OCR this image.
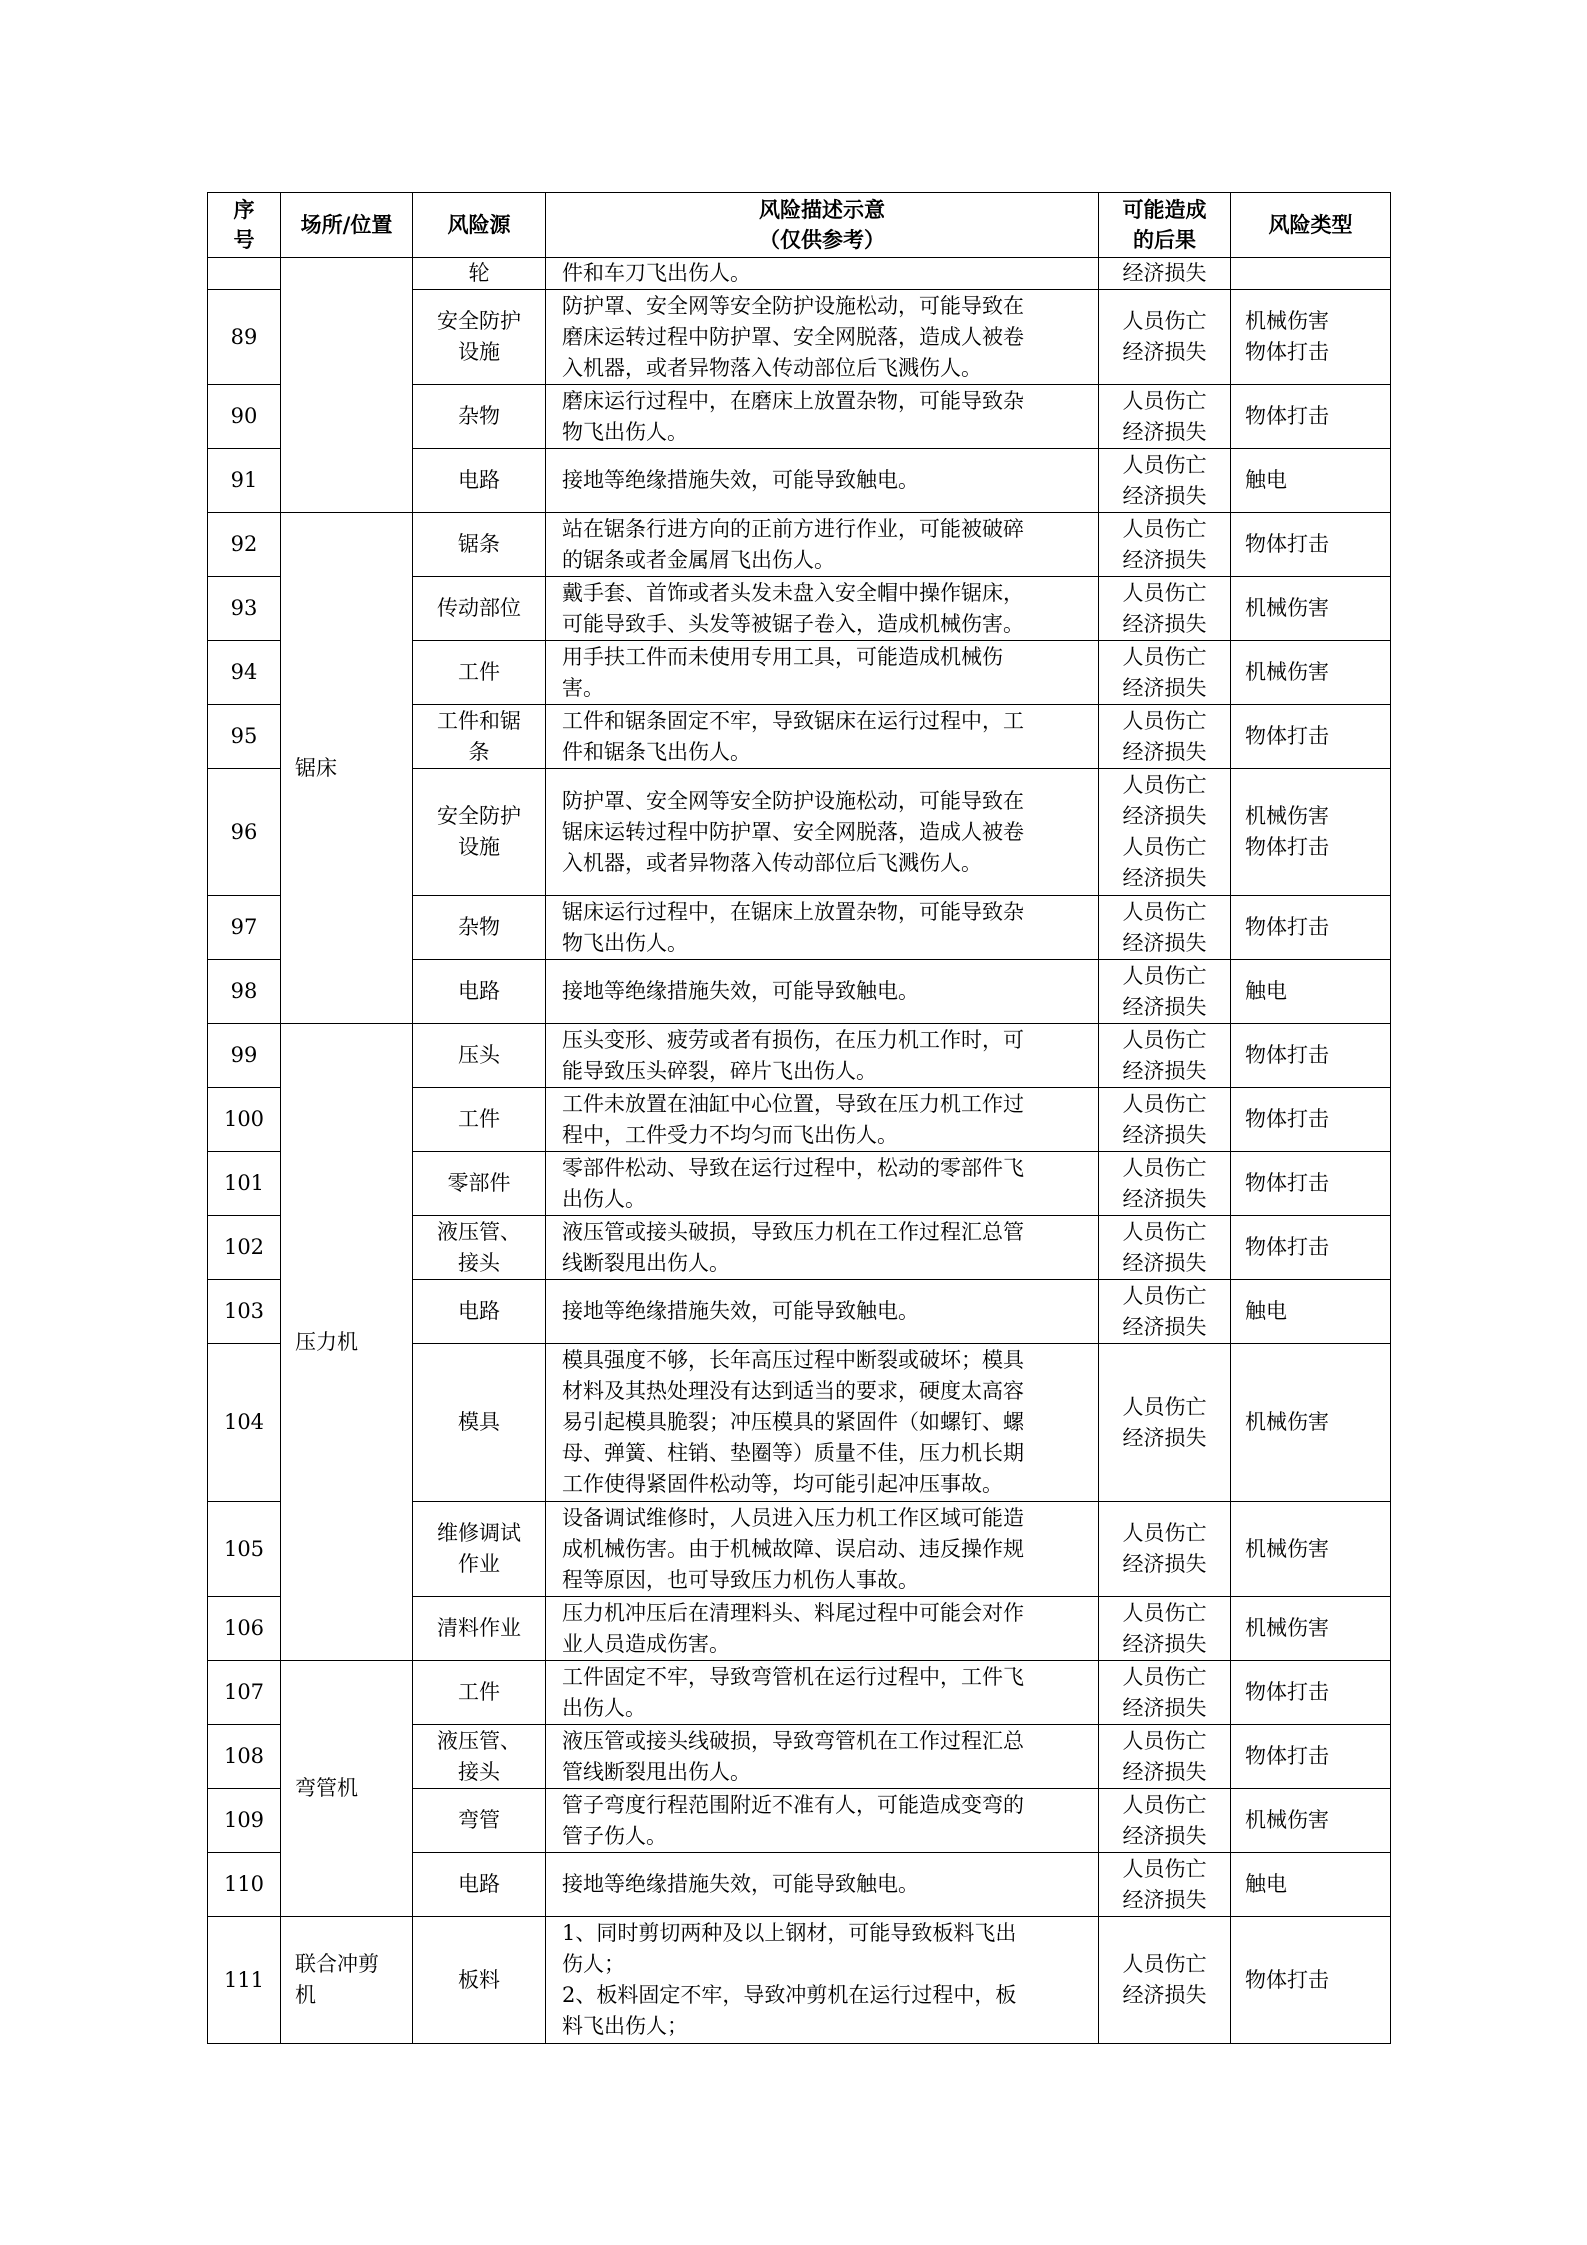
序
号	场所/位置	风险源	风险描述示意
（仅供参考）	可能造成
的后果	风险类型
		轮	件和车刀飞出伤人。	经济损失	
89		安全防护
设施	防护罩、安全网等安全防护设施松动，可能导致在
磨床运转过程中防护罩、安全网脱落，造成人被卷
入机器，或者异物落入传动部位后飞溅伤人。	人员伤亡
经济损失	机械伤害
物体打击
90		杂物	磨床运行过程中，在磨床上放置杂物，可能导致杂
物飞出伤人。	人员伤亡
经济损失	物体打击
91		电路	接地等绝缘措施失效，可能导致触电。	人员伤亡
经济损失	触电
92	锯床	锯条	站在锯条行进方向的正前方进行作业，可能被破碎
的锯条或者金属屑飞出伤人。	人员伤亡
经济损失	物体打击
93		传动部位	戴手套、首饰或者头发未盘入安全帽中操作锯床，
可能导致手、头发等被锯子卷入，造成机械伤害。	人员伤亡
经济损失	机械伤害
94		工件	用手扶工件而未使用专用工具，可能造成机械伤
害。	人员伤亡
经济损失	机械伤害
95		工件和锯
条	工件和锯条固定不牢，导致锯床在运行过程中，工
件和锯条飞出伤人。	人员伤亡
经济损失	物体打击
96		安全防护
设施	防护罩、安全网等安全防护设施松动，可能导致在
锯床运转过程中防护罩、安全网脱落，造成人被卷
入机器，或者异物落入传动部位后飞溅伤人。	人员伤亡
经济损失
人员伤亡
经济损失	机械伤害
物体打击
97		杂物	锯床运行过程中，在锯床上放置杂物，可能导致杂
物飞出伤人。	人员伤亡
经济损失	物体打击
98		电路	接地等绝缘措施失效，可能导致触电。	人员伤亡
经济损失	触电
99	压力机	压头	压头变形、疲劳或者有损伤，在压力机工作时，可
能导致压头碎裂，碎片飞出伤人。	人员伤亡
经济损失	物体打击
100		工件	工件未放置在油缸中心位置，导致在压力机工作过
程中，工件受力不均匀而飞出伤人。	人员伤亡
经济损失	物体打击
101		零部件	零部件松动、导致在运行过程中，松动的零部件飞
出伤人。	人员伤亡
经济损失	物体打击
102		液压管、
接头	液压管或接头破损，导致压力机在工作过程汇总管
线断裂甩出伤人。	人员伤亡
经济损失	物体打击
103		电路	接地等绝缘措施失效，可能导致触电。	人员伤亡
经济损失	触电
104		模具	模具强度不够，长年高压过程中断裂或破坏；模具
材料及其热处理没有达到适当的要求，硬度太高容
易引起模具脆裂；冲压模具的紧固件（如螺钉、螺
母、弹簧、柱销、垫圈等）质量不佳，压力机长期
工作使得紧固件松动等，均可能引起冲压事故。	人员伤亡
经济损失	机械伤害
105		维修调试
作业	设备调试维修时，人员进入压力机工作区域可能造
成机械伤害。由于机械故障、误启动、违反操作规
程等原因，也可导致压力机伤人事故。	人员伤亡
经济损失	机械伤害
106		清料作业	压力机冲压后在清理料头、料尾过程中可能会对作
业人员造成伤害。	人员伤亡
经济损失	机械伤害
107	弯管机	工件	工件固定不牢，导致弯管机在运行过程中，工件飞
出伤人。	人员伤亡
经济损失	物体打击
108		液压管、
接头	液压管或接头线破损，导致弯管机在工作过程汇总
管线断裂甩出伤人。	人员伤亡
经济损失	物体打击
109		弯管	管子弯度行程范围附近不准有人，可能造成变弯的
管子伤人。	人员伤亡
经济损失	机械伤害
110		电路	接地等绝缘措施失效，可能导致触电。	人员伤亡
经济损失	触电
111	联合冲剪
机	板料	1、同时剪切两种及以上钢材，可能导致板料飞出
伤人；
2、板料固定不牢，导致冲剪机在运行过程中，板
料飞出伤人；	人员伤亡
经济损失	物体打击
